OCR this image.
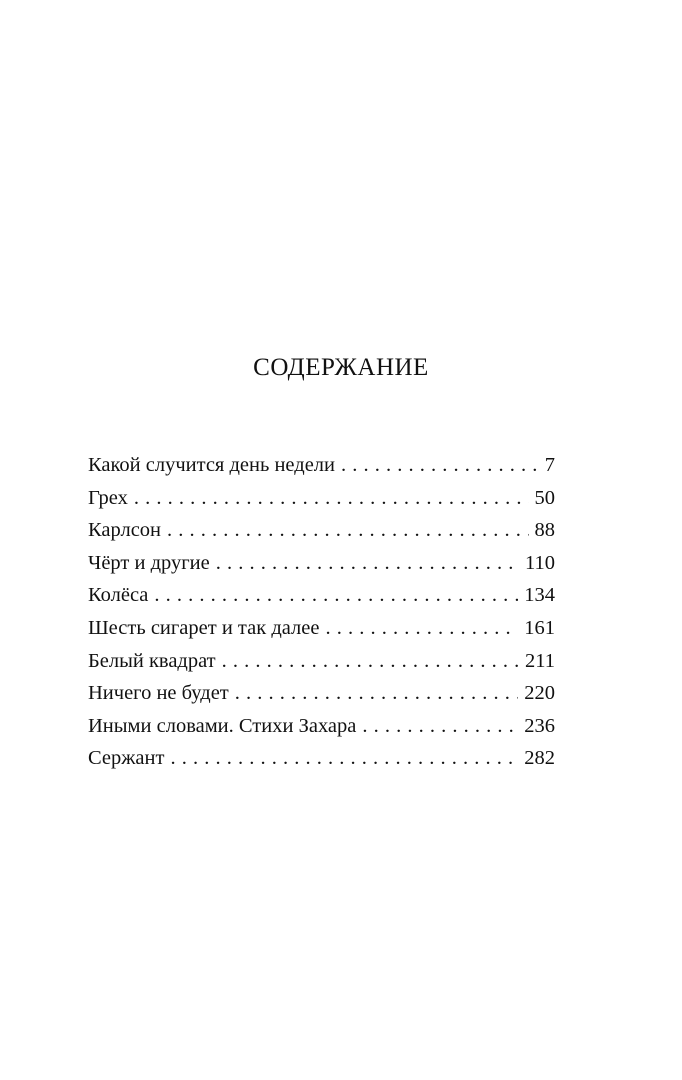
СОДЕРЖАНИЕ
Какой случится день недели . . .	7
Грех . . .	50
Карлсон . . .	88
Чёрт и другие . . .	110
Колёса . . .	134
Шесть сигарет и так далее . . .	161
Белый квадрат . . .	211
Ничего не будет . . .	220
Иными словами. Стихи Захара . . .	236
Сержант . . .	282
